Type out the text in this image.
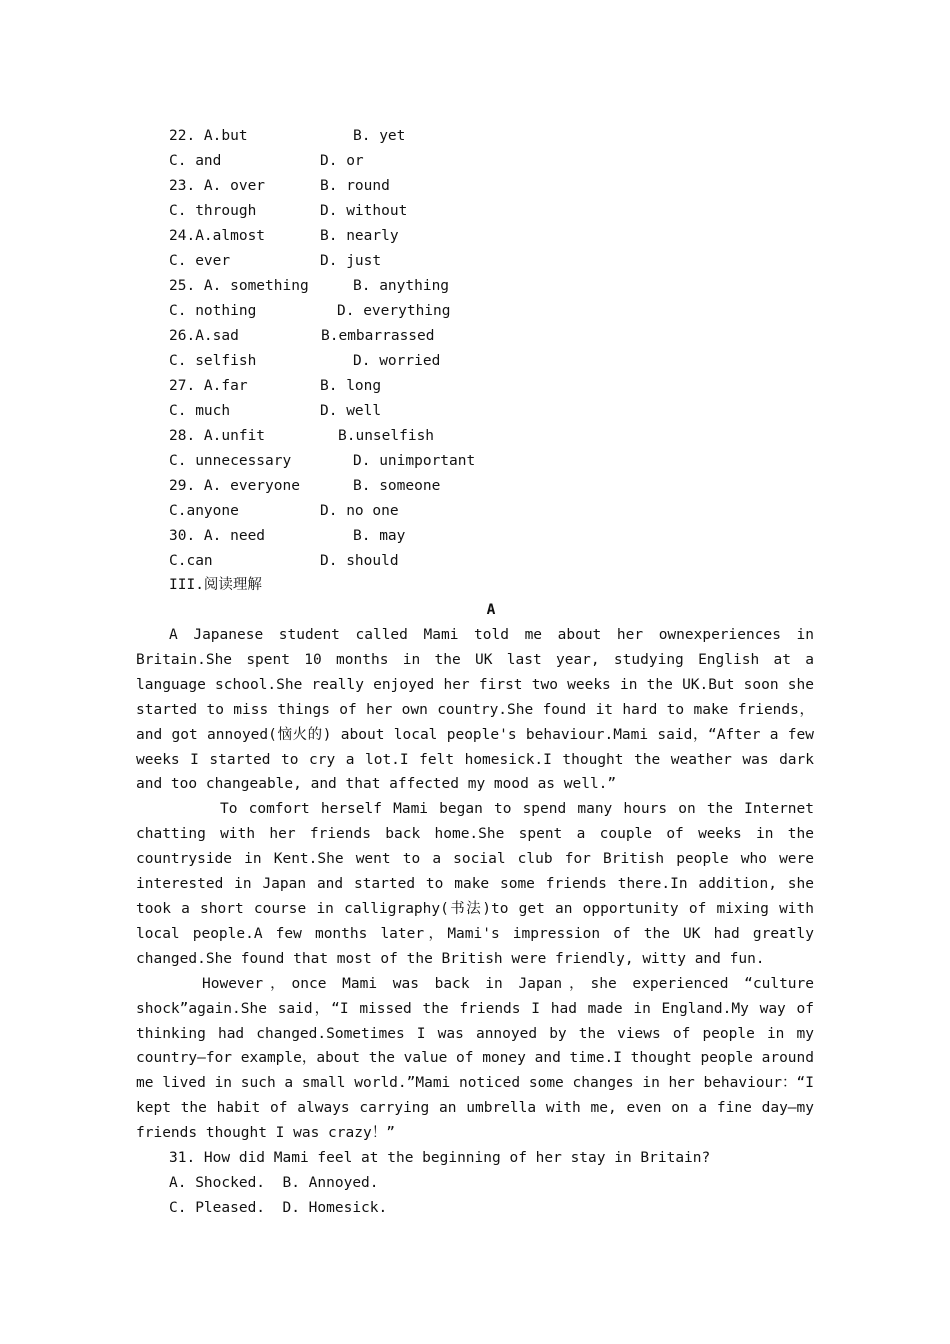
22. A.but

	B. yet

C. and

	D. or

23. A. over

	B. round

C. through

	D. without

24.A.almost

	B. nearly

C. ever

	D. just

25. A. something

	B. anything

C. nothing

	D. everything

26.A.sad

	B.embarrassed

C. selfish

	D. worried

27. A.far

	B. long

C. much

	D. well

28. A.unfit

	B.unselfish

C. unnecessary

	D. unimportant

29. A. everyone

	B. someone

C.anyone

	D. no one

30. A. need

	B. may

C.can

	D. should

III.阅读理解
A

A Japanese student called Mami told me about her ownexperiences in Britain.She spent 10 months in the UK last year, studying English at a language school.She really enjoyed her first two weeks in the UK.But soon she started to miss things of her own country.She found it hard to make friends，and got annoyed(恼火的) about local people's behaviour.Mami said，“After a few weeks I started to cry a lot.I felt homesick.I thought the weather was dark and too changeable, and that affected my mood as well.”

To comfort herself Mami began to spend many hours on the Internet chatting with her friends back home.She spent a couple of weeks in the countryside in Kent.She went to a social club for British people who were interested in Japan and started to make some friends there.In addition, she took a short course in calligraphy(书法)to get an opportunity of mixing with local people.A few months later，Mami's impression of the UK had greatly changed.She found that most of the British were friendly, witty and fun.

However，once Mami was back in Japan，she experienced “culture shock”again.She said，“I missed the friends I had made in England.My way of thinking had changed.Sometimes I was annoyed by the views of people in my country—for example，about the value of money and time.I thought people around me lived in such a small world.”Mami noticed some changes in her behaviour：“I kept the habit of always carrying an umbrella with me, even on a fine day—my friends thought I was crazy！”

31. How did Mami feel at the beginning of her stay in Britain?
A. Shocked.  B. Annoyed.
C. Pleased.  D. Homesick.
